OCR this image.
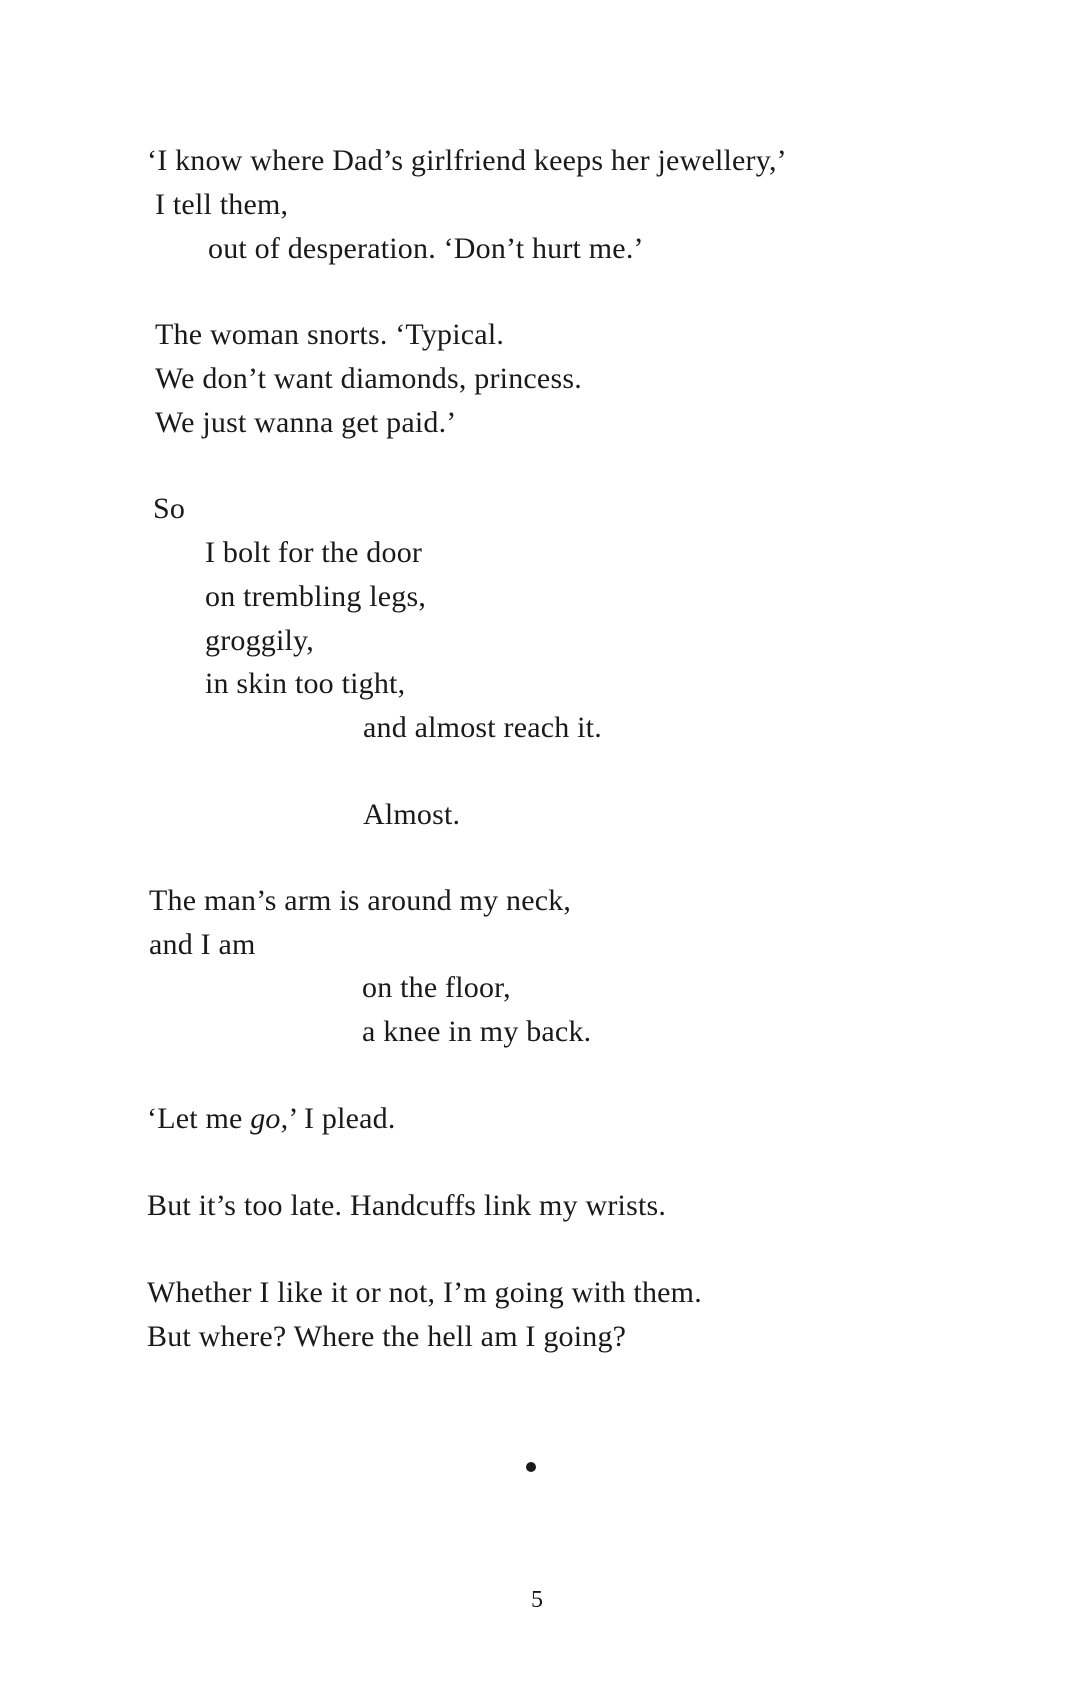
‘I know where Dad’s girlfriend keeps her jewellery,’
I tell them,
out of desperation. ‘Don’t hurt me.’
The woman snorts. ‘Typical.
We don’t want diamonds, princess.
We just wanna get paid.’
So
I bolt for the door
on trembling legs,
groggily,
in skin too tight,
and almost reach it.
Almost.
The man’s arm is around my neck,
and I am
on the floor,
a knee in my back.
‘Let me go,’ I plead.
But it’s too late. Handcuffs link my wrists.
Whether I like it or not, I’m going with them.
But where? Where the hell am I going?
5
